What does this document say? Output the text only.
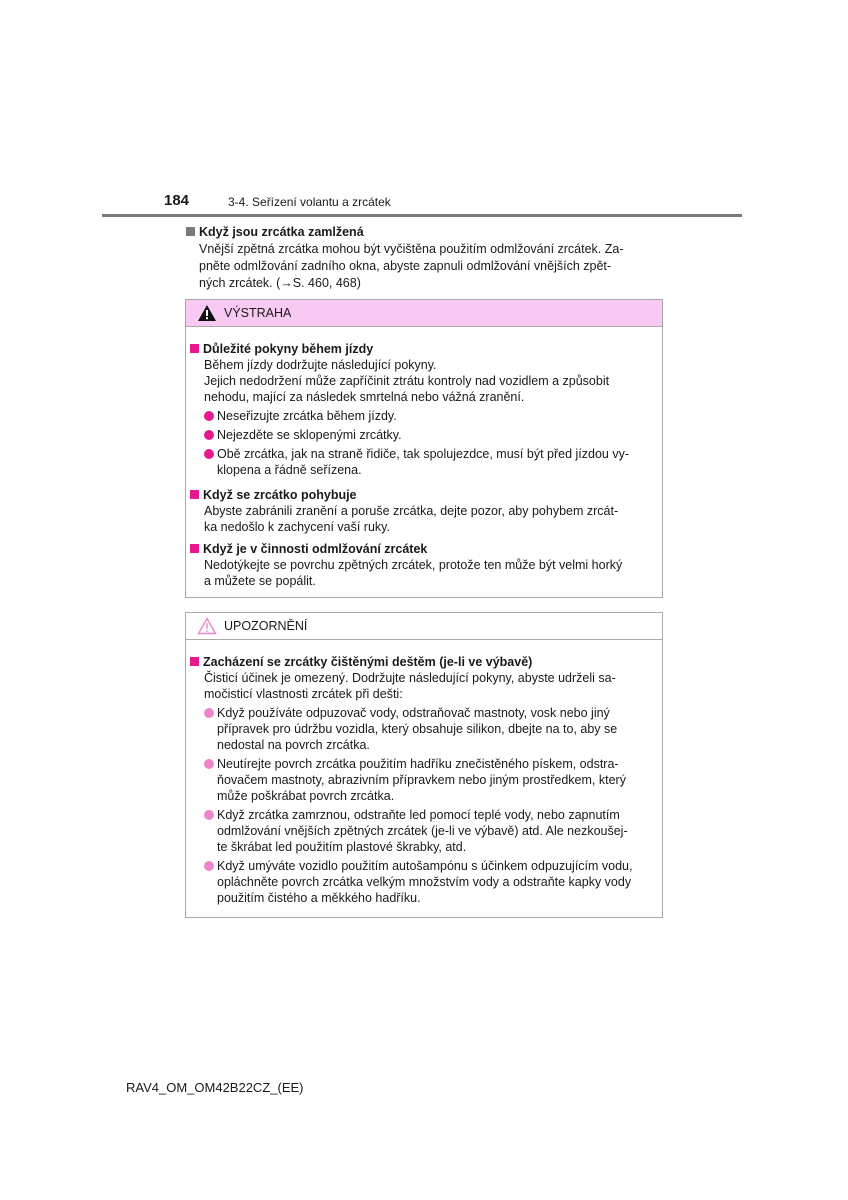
184	3-4. Seřízení volantu a zrcátek
Když jsou zrcátka zamlžená
Vnější zpětná zrcátka mohou být vyčištěna použitím odmlžování zrcátek. Za-
pněte odmlžování zadního okna, abyste zapnuli odmlžování vnějších zpět-
ných zrcátek. (→S. 460, 468)
VÝSTRAHA
Důležité pokyny během jízdy

Během jízdy dodržujte následující pokyny.

Jejich nedodržení může zapříčinit ztrátu kontroly nad vozidlem a způsobit

nehodu, mající za následek smrtelná nebo vážná zranění.

Neseřizujte zrcátka během jízdy.
Nejezděte se sklopenými zrcátky.
Obě zrcátka, jak na straně řidiče, tak spolujezdce, musí být před jízdou vy-
klopena a řádně seřízena.
Když se zrcátko pohybuje

Abyste zabránili zranění a poruše zrcátka, dejte pozor, aby pohybem zrcát-

ka nedošlo k zachycení vaší ruky.

Když je v činnosti odmlžování zrcátek

Nedotýkejte se povrchu zpětných zrcátek, protože ten může být velmi horký

a můžete se popálit.

UPOZORNĚNÍ
Zacházení se zrcátky čištěnými deštěm (je-li ve výbavě)

Čisticí účinek je omezený. Dodržujte následující pokyny, abyste udrželi sa-

močisticí vlastnosti zrcátek při dešti:

Když používáte odpuzovač vody, odstraňovač mastnoty, vosk nebo jiný
přípravek pro údržbu vozidla, který obsahuje silikon, dbejte na to, aby se
nedostal na povrch zrcátka.
Neutírejte povrch zrcátka použitím hadříku znečistěného pískem, odstra-
ňovačem mastnoty, abrazivním přípravkem nebo jiným prostředkem, který
může poškrábat povrch zrcátka.
Když zrcátka zamrznou, odstraňte led pomocí teplé vody, nebo zapnutím
odmlžování vnějších zpětných zrcátek (je-li ve výbavě) atd. Ale nezkoušej-
te škrábat led použitím plastové škrabky, atd.
Když umýváte vozidlo použitím autošampónu s účinkem odpuzujícím vodu,
opláchněte povrch zrcátka velkým množstvím vody a odstraňte kapky vody
použitím čistého a měkkého hadříku.
RAV4_OM_OM42B22CZ_(EE)
